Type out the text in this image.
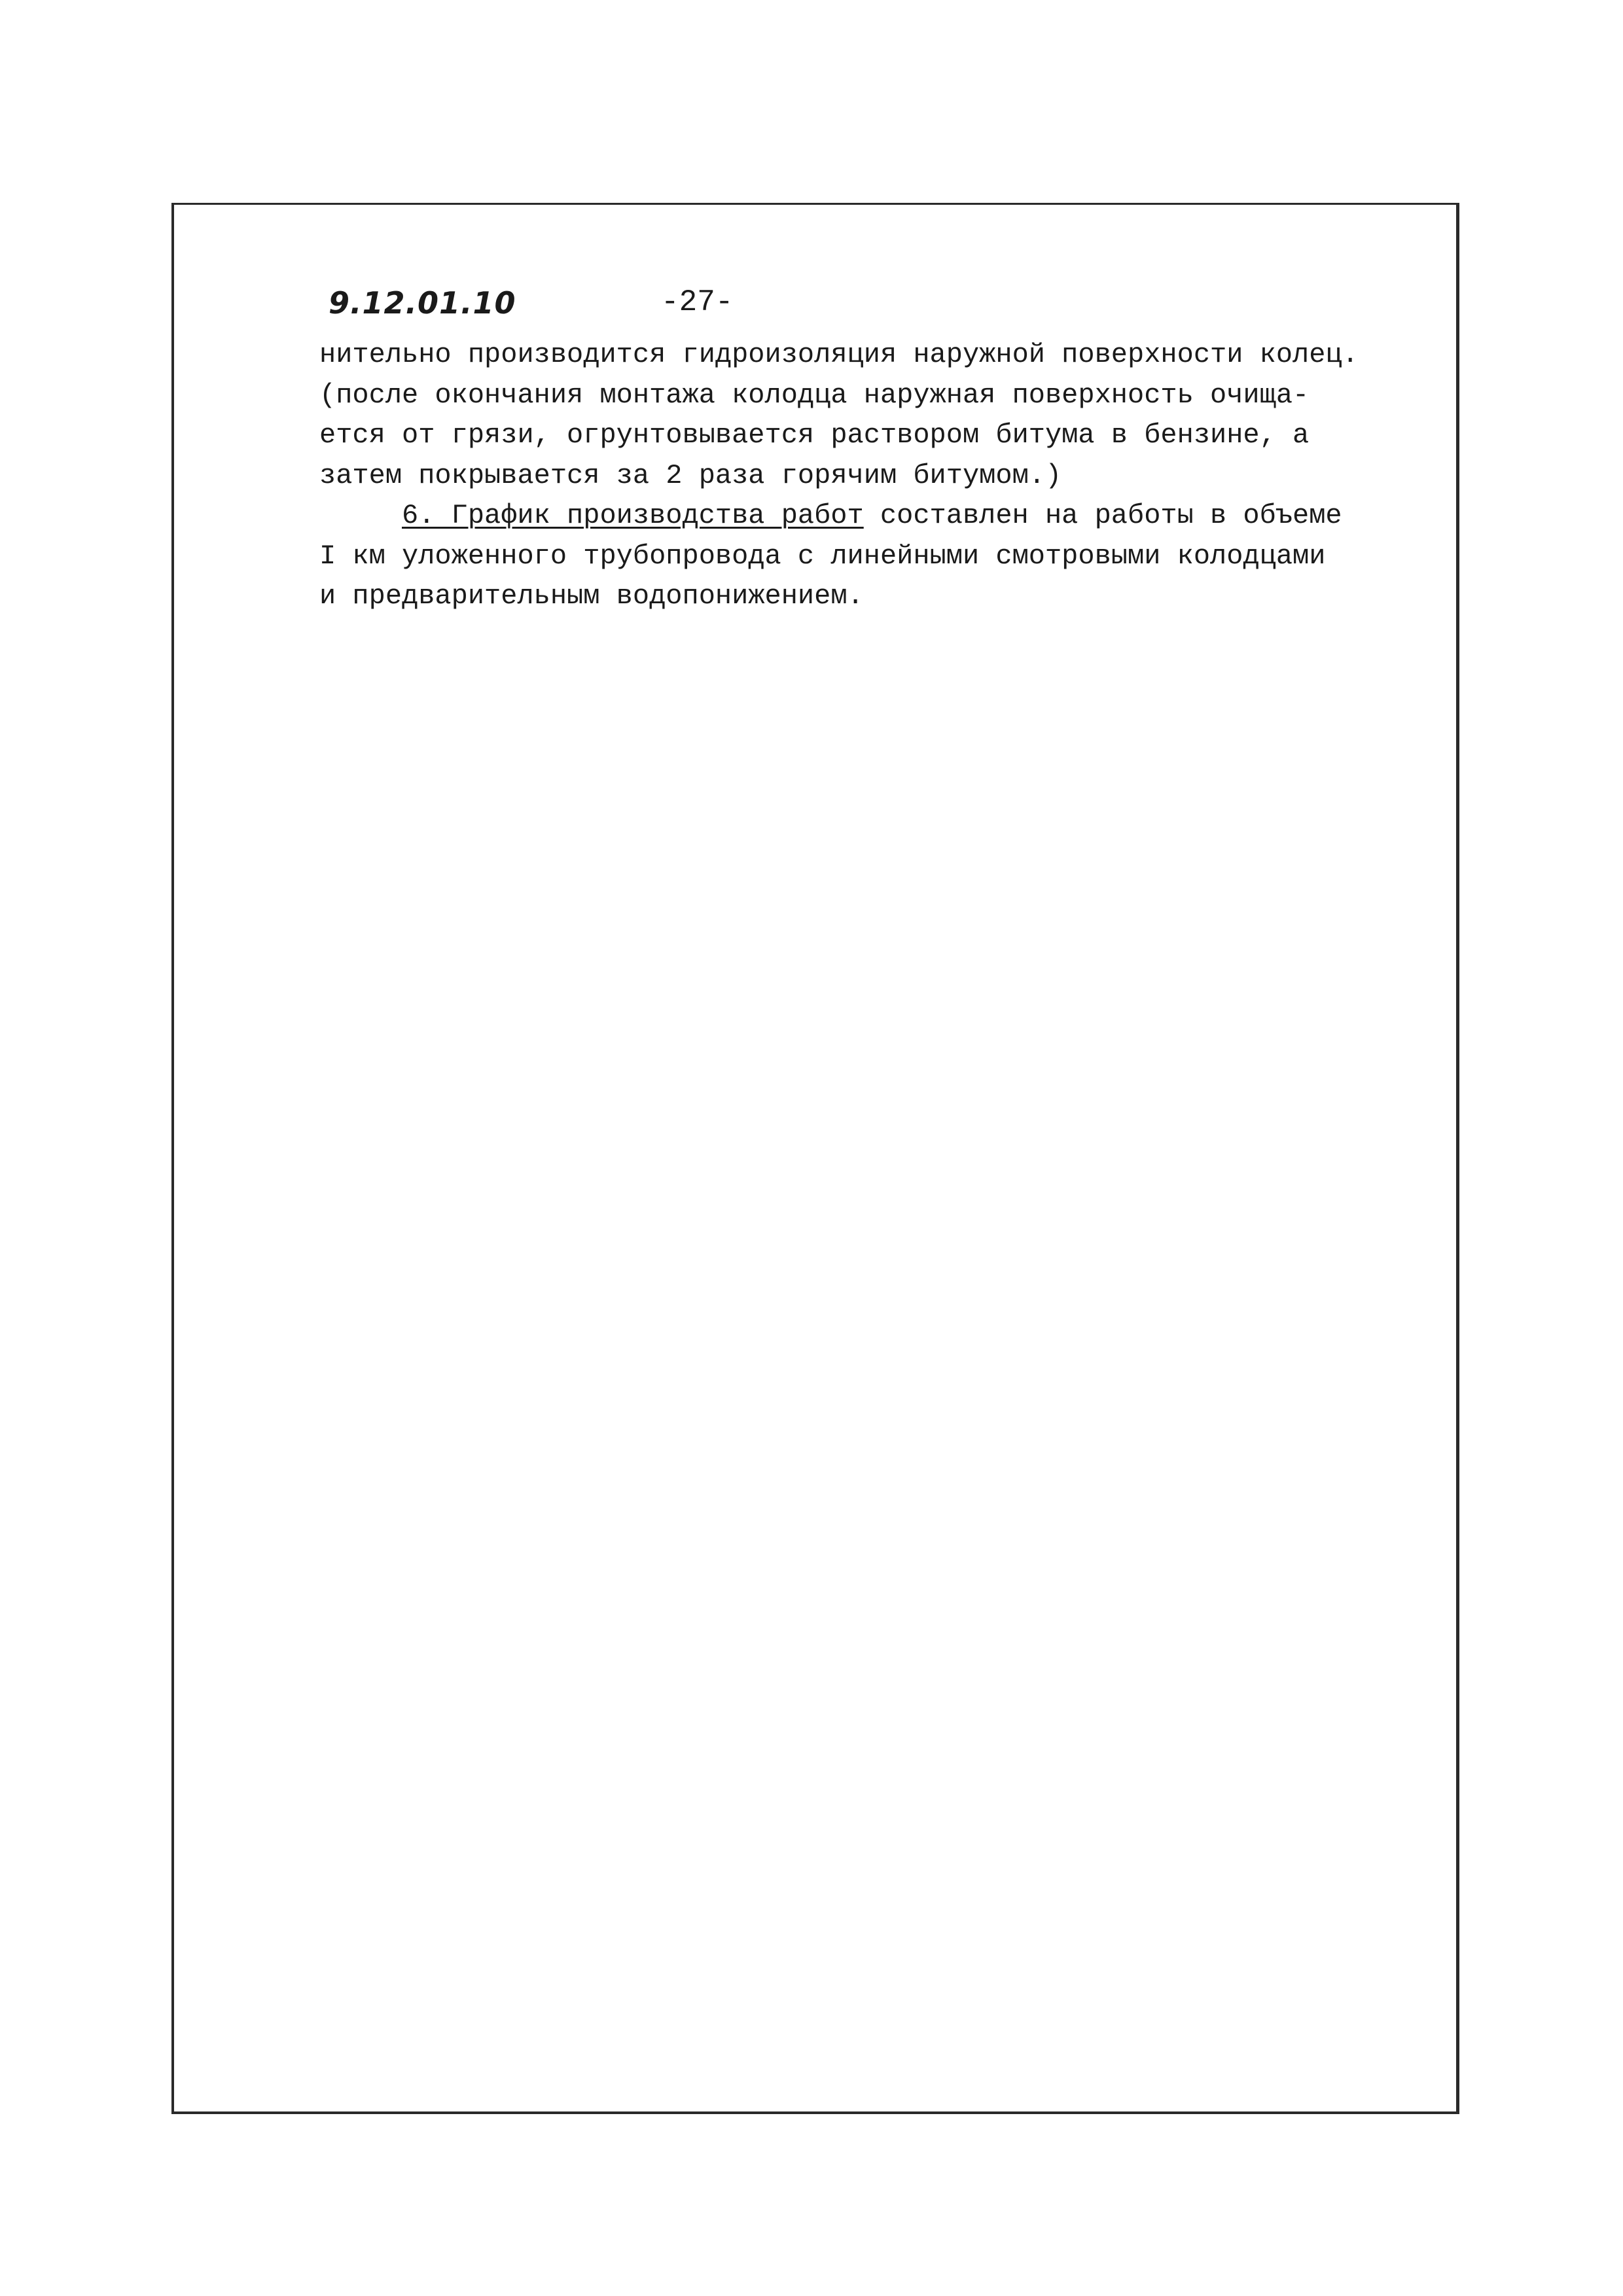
9.12.01.10	-27-
нительно производится гидроизоляция наружной поверхности колец.
(после окончания монтажа колодца наружная поверхность очища-
ется от грязи, огрунтовывается раствором битума в бензине, а
затем покрывается за 2 раза горячим битумом.)
6. График производства работ составлен на работы в объеме
I км уложенного трубопровода с линейными смотровыми колодцами
и предварительным водопонижением.
